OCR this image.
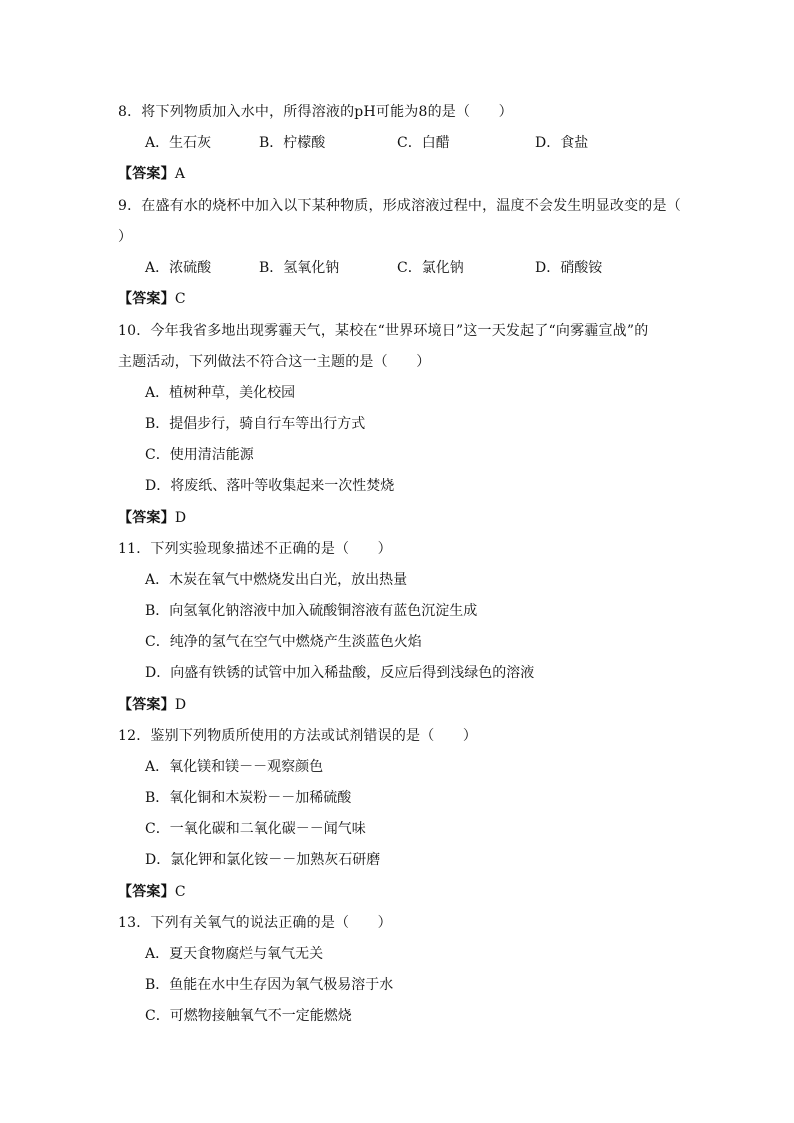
8．将下列物质加入水中，所得溶液的pH可能为8的是（　　）
A．生石灰	B．柠檬酸	C．白醋	D．食盐
【答案】A
9．在盛有水的烧杯中加入以下某种物质，形成溶液过程中，温度不会发生明显改变的是（
）
A．浓硫酸	B．氢氧化钠	C．氯化钠	D．硝酸铵
【答案】C
10．今年我省多地出现雾霾天气，某校在“世界环境日”这一天发起了“向雾霾宣战”的
主题活动，下列做法不符合这一主题的是（　　）
A．植树种草，美化校园
B．提倡步行，骑自行车等出行方式
C．使用清洁能源
D．将废纸、落叶等收集起来一次性焚烧
【答案】D
11．下列实验现象描述不正确的是（　　）
A．木炭在氧气中燃烧发出白光，放出热量
B．向氢氧化钠溶液中加入硫酸铜溶液有蓝色沉淀生成
C．纯净的氢气在空气中燃烧产生淡蓝色火焰
D．向盛有铁锈的试管中加入稀盐酸，反应后得到浅绿色的溶液
【答案】D
12．鉴别下列物质所使用的方法或试剂错误的是（　　）
A．氧化镁和镁－－观察颜色
B．氧化铜和木炭粉－－加稀硫酸
C．一氧化碳和二氧化碳－－闻气味
D．氯化钾和氯化铵－－加熟灰石研磨
【答案】C
13．下列有关氧气的说法正确的是（　　）
A．夏天食物腐烂与氧气无关
B．鱼能在水中生存因为氧气极易溶于水
C．可燃物接触氧气不一定能燃烧
